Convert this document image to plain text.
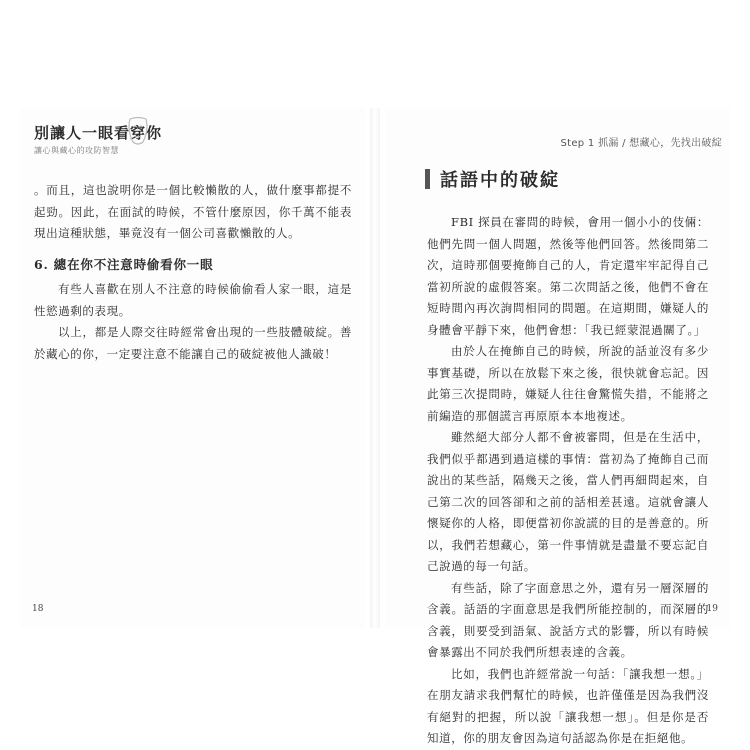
別讓人一眼看穿你
讓心與藏心的攻防智慧

。而且，這也說明你是一個比較懶散的人，做什麼事都提不起勁。因此，在面試的時候，不管什麼原因，你千萬不能表現出這種狀態，畢竟沒有一個公司喜歡懶散的人。

6. 總在你不注意時偷看你一眼

有些人喜歡在別人不注意的時候偷偷看人家一眼，這是性慾過剩的表現。

以上，都是人際交往時經常會出現的一些肢體破綻。善於藏心的你，一定要注意不能讓自己的破綻被他人識破！

18
Step 1 抓漏 / 想藏心，先找出破綻
話語中的破綻

FBI 探員在審問的時候，會用一個小小的伎倆：他們先問一個人問題，然後等他們回答。然後問第二次，這時那個要掩飾自己的人，肯定還牢牢記得自己當初所說的虛假答案。第二次問話之後，他們不會在短時間內再次詢問相同的問題。在這期間，嫌疑人的身體會平靜下來，他們會想：「我已經蒙混過關了。」

由於人在掩飾自己的時候，所說的話並沒有多少事實基礎，所以在放鬆下來之後，很快就會忘記。因此第三次提問時，嫌疑人往往會驚慌失措，不能將之前編造的那個謊言再原原本本地複述。

雖然絕大部分人都不會被審問，但是在生活中，我們似乎都遇到過這樣的事情：當初為了掩飾自己而說出的某些話，隔幾天之後，當人們再細問起來，自己第二次的回答卻和之前的話相差甚遠。這就會讓人懷疑你的人格，即便當初你說謊的目的是善意的。所以，我們若想藏心，第一件事情就是盡量不要忘記自己說過的每一句話。

有些話，除了字面意思之外，還有另一層深層的含義。話語的字面意思是我們所能控制的，而深層的含義，則要受到語氣、說話方式的影響，所以有時候會暴露出不同於我們所想表達的含義。

比如，我們也許經常說一句話：「讓我想一想。」在朋友請求我們幫忙的時候，也許僅僅是因為我們沒有絕對的把握，所以說「讓我想一想」。但是你是否知道，你的朋友會因為這句話認為你是在拒絕他。

19
